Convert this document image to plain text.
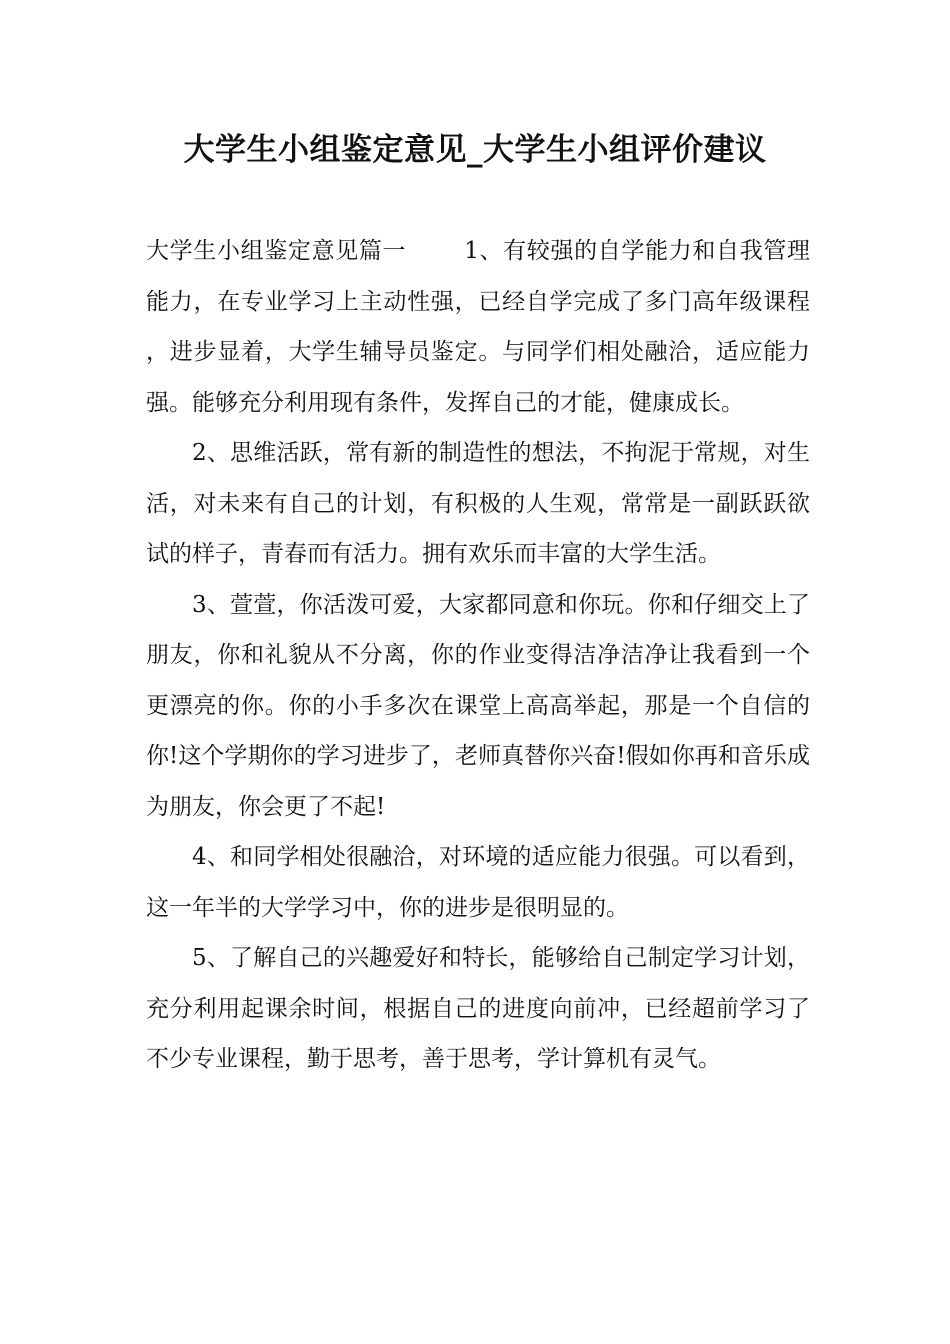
大学生小组鉴定意见_大学生小组评价建议

大学生小组鉴定意见篇一	1、有较强的自学能力和自我管理能力，在专业学习上主动性强，已经自学完成了多门高年级课程，进步显着，大学生辅导员鉴定。与同学们相处融洽，适应能力强。能够充分利用现有条件，发挥自己的才能，健康成长。

2、思维活跃，常有新的制造性的想法，不拘泥于常规，对生活，对未来有自己的计划，有积极的人生观，常常是一副跃跃欲试的样子，青春而有活力。拥有欢乐而丰富的大学生活。

3、萱萱，你活泼可爱，大家都同意和你玩。你和仔细交上了朋友，你和礼貌从不分离，你的作业变得洁净洁净让我看到一个更漂亮的你。你的小手多次在课堂上高高举起，那是一个自信的你!这个学期你的学习进步了，老师真替你兴奋!假如你再和音乐成为朋友，你会更了不起!

4、和同学相处很融洽，对环境的适应能力很强。可以看到，这一年半的大学学习中，你的进步是很明显的。

5、了解自己的兴趣爱好和特长，能够给自己制定学习计划，充分利用起课余时间，根据自己的进度向前冲，已经超前学习了不少专业课程，勤于思考，善于思考，学计算机有灵气。
